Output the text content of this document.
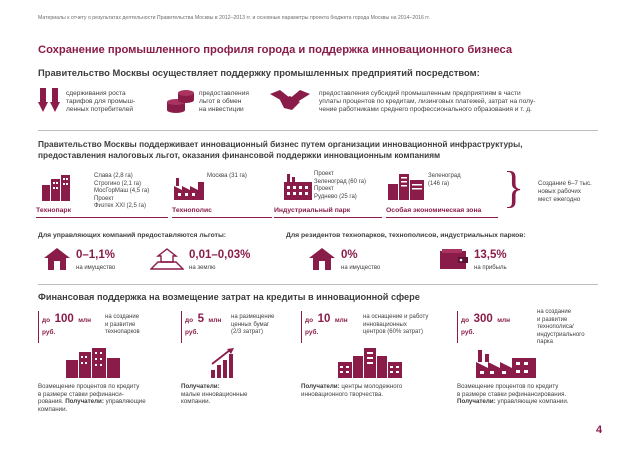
Материалы к отчету о результатах деятельности Правительства Москвы в 2012–2013 гг. и основные параметры проекта бюджета города Москвы на 2014–2016 гг.
Сохранение промышленного профиля города и поддержка инновационного бизнеса
Правительство Москвы осуществляет поддержку промышленных предприятий посредством:
сдерживания роста
тарифов для промыш-
ленных потребителей
предоставления
льгот в обмен
на инвестиции
предоставления субсидий промышленным предприятиям в части
уплаты процентов по кредитам, лизинговых платежей, затрат на полу-
чение работниками среднего профессионального образования и т. д.
Правительство Москвы поддерживает инновационный бизнес путем организации инновационной инфраструктуры,
предоставления налоговых льгот, оказания финансовой поддержки инновационным компаниям
Технопарк
Слава (2,8 га)
Строгино (2,1 га)
МосГорМаш (4,5 га)
Проект
Физтех XXI (2,5 га)
Технополис
Москва (31 га)
Индустриальный парк
Проект
Зеленоград (60 га)
Проект
Руднево (25 га)
Особая экономическая зона
Зеленоград
(146 га)	} Создание 6–7 тыс.
новых рабочих
мест ежегодно
Для управляющих компаний предоставляются льготы:	Для резидентов технопарков, технополисов, индустриальных парков:
0–1,1%
на имущество
0,01–0,03%
на землю
0%
на имущество
13,5%
на прибыль
Финансовая поддержка на возмещение затрат на кредиты в инновационной сфере
до 100 млн
руб.
на создание
и развитие
технопарков
Возмещение процентов по кредиту
в размере ставки рефинанси-
рования. Получатели: управляющие
компании.
до 5 млн
руб.
на размещение
ценных бумаг
(2/3 затрат)
Получатели:
малые инновационные
компании.
до 10 млн
руб.
на оснащение и работу
инновационных
центров (60% затрат)
Получатели: центры молодежного
инновационного творчества.
до 300 млн
руб.
на создание
и развитие
технополиса/
индустриального
парка
Возмещение процентов по кредиту
в размере ставки рефинансирования.
Получатели: управляющие компании.
4
